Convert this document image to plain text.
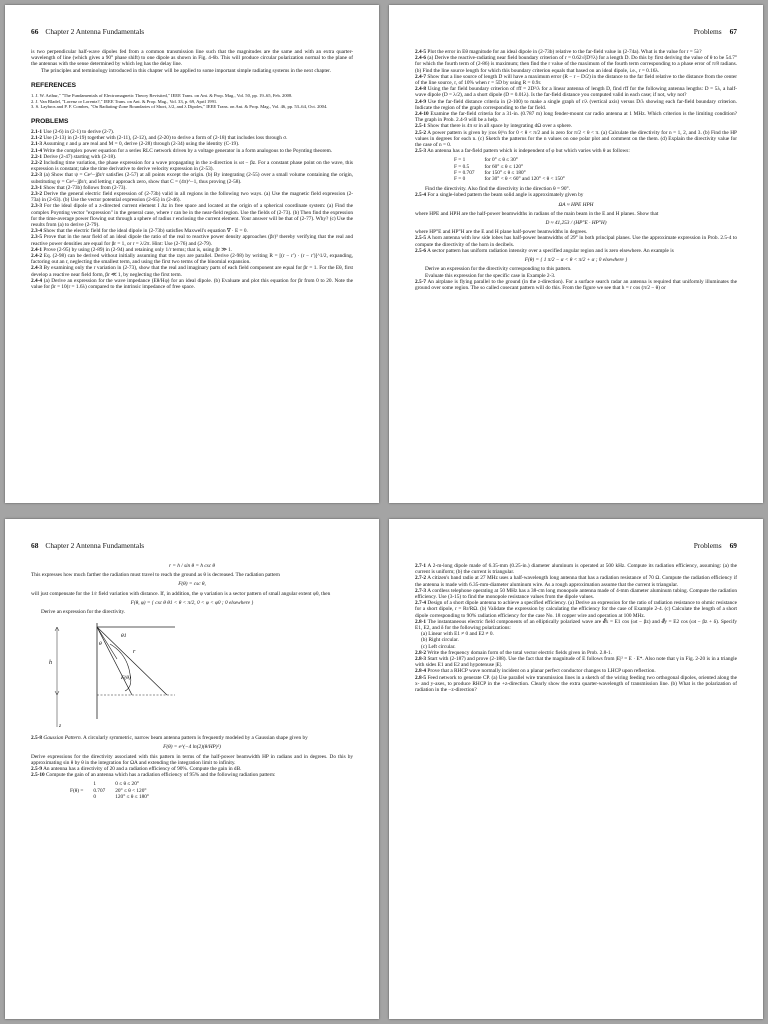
66 Chapter 2 Antenna Fundamentals

is two perpendicular half-wave dipoles fed from a common transmission line such that the magnitudes are the same and with an extra quarter-wavelength of line (which gives a 90° phase shift) to one dipole as shown in Fig. 4-6b. This will produce circular polarization normal to the plane of the antennas with the sense determined by which leg has the delay line.

The principles and terminology introduced in this chapter will be applied to some important simple radiating systems in the next chapter.

REFERENCES

1. J. W. Arthur," "The Fundamentals of Electromagnetic Theory Revisited," IEEE Trans. on Ant. & Prop. Mag., Vol. 50, pp. 19–65, Feb. 2008.

2. J. Van Bladel, "Lorenz or Lorentz?," IEEE Trans. on Ant. & Prop. Mag., Vol. 33, p. 69, April 1991.

3. S. Laybros and P. F. Combes, "On Radiating-Zone Boundaries of Short, λ/2, and λ Dipoles," IEEE Trans. on Ant. & Prop. Mag., Vol. 46, pp. 53–64, Oct. 2004.

PROBLEMS

2.1-1 Use (2-6) in (2-1) to derive (2-7).

2.1-2 Use (2-13) in (2-19) together with (2-11), (2-12), and (2-20) to derive a form of (2-18) that includes loss through σ.

2.1-3 Assuming ε and μ are real and M = 0, derive (2-28) through (2-34) using the identity (C-19).

2.1-4 Write the complex power equation for a series RLC network driven by a voltage generator in a form analogous to the Poynting theorem.

2.2-1 Derive (2-47) starting with (2-18).

2.2-2 Including time variation, the phase expression for a wave propagating in the z-direction is ωt − βz. For a constant phase point on the wave, this expression is constant; take the time derivative to derive velocity expression in (2-53).

2.2-3 (a) Show that ψ = Ce^−jβr/r satisfies (2-57) at all points except the origin. (b) By integrating (2-55) over a small volume containing the origin, substituting ψ = Ce^−jβr/r, and letting r approach zero, show that C = (4π)^−1, thus proving (2-58).

2.3-1 Show that (2-73b) follows from (2-73).

2.3-2 Derive the general electric field expression of (2-73b) valid in all regions in the following two ways. (a) Use the magnetic field expression (2-73a) in (2-63). (b) Use the vector potential expression (2-65) in (2-46).

2.3-3 For the ideal dipole of a z-directed current element I Δz in free space and located at the origin of a spherical coordinate system: (a) Find the complex Poynting vector "expression" in the general case, where r can be in the near-field region. Use the fields of (2-73). (b) Then find the expression for the time-average power flowing out through a sphere of radius r enclosing the current element. Your answer will be that of (2-77). Why? (c) Use the results from (a) to derive (2-79).

2.3-4 Show that the electric field for the ideal dipole in (2-73b) satisfies Maxwell's equation ∇ · E = 0.

2.3-5 Prove that in the near field of an ideal dipole the ratio of the real to reactive power density approaches (βr)³ thereby verifying that the real and reactive power densities are equal for βr = 1, or r = λ/2π. Hint: Use (2-76) and (2-79).

2.4-1 Prove (2-95) by using (2-89) in (2-94) and retaining only 1/r terms; that is, using βr ≫ 1.

2.4-2 Eq. (2-98) can be derived without initially assuming that the rays are parallel. Derive (2-98) by writing R = [(r − r′) · (r − r′)]^1/2, expanding, factoring out an r, neglecting the smallest term, and using the first two terms of the binomial expansion.

2.4-3 By examining only the r variation in (2-73), show that the real and imaginary parts of each field component are equal for βr = 1. For the Eθ, first develop a reactive near field form, βr ≪ 1, by neglecting the first term.

2.4-4 (a) Derive an expression for the wave impedance (Eθ/Hφ) for an ideal dipole. (b) Evaluate and plot this equation for βr from 0 to 20. Note the value for βr = 10(r = 1.6λ) compared to the intrinsic impedance of free space.

Problems 67

2.4-5 Plot the error in Eθ magnitude for an ideal dipole in (2-73b) relative to the far-field value in (2-74a). What is the value for r = 5λ?

2.4-6 (a) Derive the reactive-radiating near field boundary criterion of r = 0.62√(D³/λ) for a length D. Do this by first deriving the value of θ to be 54.7° for which the fourth term of (2-86) is maximum; then find the r value of the maximum of the fourth term corresponding to a phase error of π/8 radians. (b) Find the line source length for which this boundary criterion equals that based on an ideal dipole, i.e., r = 0.16λ.

2.4-7 Show that a line source of length D will have a maximum error (R − r − D/2) in the distance to the far field relative to the distance from the center of the line source, r, of 10% when r = 5D by using R = 0.9r.

2.4-8 Using the far field boundary criterion of rff = 2D²/λ for a linear antenna of length D, find rff for the following antenna lengths: D = 5λ, a half-wave dipole (D = λ/2), and a short dipole (D = 0.01λ). Is the far-field distance you computed valid in each case; if not, why not?

2.4-9 Use the far-field distance criteria in (2-100) to make a single graph of r/λ (vertical axis) versus D/λ showing each far-field boundary criterion. Indicate the region of the graph corresponding to the far field.

2.4-10 Examine the far-field criteria for a 31-in. (0.787 m) long fender-mount car radio antenna at 1 MHz. Which criterion is the limiting condition? The graph in Prob. 2.4-9 will be a help.

2.5-1 Show that there is 4π sr in all space by integrating dΩ over a sphere.

2.5-2 A power pattern is given by |cos θ|^n for 0 < θ < π/2 and is zero for π/2 < θ < π. (a) Calculate the directivity for n = 1, 2, and 3. (b) Find the HP values in degrees for each n. (c) Sketch the patterns for the n values on one polar plot and comment on the them. (d) Explain the directivity value for the case of n = 0.

2.5-3 An antenna has a far-field pattern which is independent of φ but which varies with θ as follows:

F = 1	for 0° ≤ θ ≤ 30°
F = 0.5	for 60° ≤ θ ≤ 120°
F = 0.707	for 150° ≤ θ ≤ 180°
F = 0	for 30° < θ < 60° and 120° < θ < 150°

Find the directivity. Also find the directivity in the direction θ = 90°.

2.5-4 For a single-lobed pattern the beam solid angle is approximately given by

ΩA ≈ HPE HPH

where HPE and HPH are the half-power beamwidths in radians of the main beam in the E and H planes. Show that

D ≈ 41,253 / (HP°E · HP°H)

where HP°E and HP°H are the E and H plane half-power beamwidths in degrees.

2.5-5 A horn antenna with low side lobes has half-power beamwidths of 29° in both principal planes. Use the approximate expression in Prob. 2.5-4 to compute the directivity of the horn in decibels.

2.5-6 A sector pattern has uniform radiation intensity over a specified angular region and is zero elsewhere. An example is

F(θ) = { 1 π/2 − α < θ < π/2 + α ; 0 elsewhere }

Derive an expression for the directivity corresponding to this pattern.

Evaluate this expression for the specific case in Example 2-3.

2.5-7 An airplane is flying parallel to the ground (in the z-direction). For a surface search radar an antenna is required that uniformly illuminates the ground over some region. The so called cosecant pattern will do this. From the figure we see that h = r cos (π/2 − θ) or

68 Chapter 2 Antenna Fundamentals
r = h / sin θ = h csc θ

This expresses how much farther the radiation must travel to reach the ground as θ is decreased. The radiation pattern

F(θ) = csc θ,

will just compensate for the 1/r field variation with distance. If, in addition, the φ variation is a sector pattern of small angular extent φ0, then

F(θ, φ) = { csc θ θ1 < θ < π/2, 0 < φ < φ0 ; 0 elsewhere }

Derive an expression for the directivity.

h
r
θ
θ1
F(θ)
z

2.5-8 Gaussian Pattern. A circularly symmetric, narrow beam antenna pattern is frequently modeled by a Gaussian shape given by

F(θ) = e^(−4 ln(2)(θ/HP)²)

Derive expressions for the directivity associated with this pattern in terms of the half-power beamwidth HP in radians and in degrees. Do this by approximating sin θ by θ in the integration for ΩA and extending the integration limit to infinity.

2.5-9 An antenna has a directivity of 20 and a radiation efficiency of 90%. Compute the gain in dB.

2.5-10 Compute the gain of an antenna which has a radiation efficiency of 95% and the following radiation pattern:

F(θ) =	1	0 ≤ θ ≤ 20°
	0.707	20° ≤ θ < 120°
	0	120° ≤ θ ≤ 180°
Problems 69

2.7-1 A 2-m-long dipole made of 6.35-mm (0.25-in.) diameter aluminum is operated at 500 kHz. Compute its radiation efficiency, assuming: (a) the current is uniform; (b) the current is triangular.

2.7-2 A citizen's band radio at 27 MHz uses a half-wavelength long antenna that has a radiation resistance of 70 Ω. Compute the radiation efficiency if the antenna is made with 6.35-mm-diameter aluminum wire. As a rough approximation assume that the current is triangular.

2.7-3 A cordless telephone operating at 50 MHz has a 38-cm long monopole antenna made of 4-mm diameter aluminum tubing. Compute the radiation efficiency. Use (3-15) to find the monopole resistance values from the dipole values.

2.7-4 Design of a short dipole antenna to achieve a specified efficiency. (a) Derive an expression for the ratio of radiation resistance to ohmic resistance for a short dipole, r = Rr/RΩ. (b) Validate the expression by calculating the efficiency for the case of Example 2-4. (c) Calculate the length of a short dipole corresponding to 90% radiation efficiency for the case No. 18 copper wire and operation at 100 MHz.

2.8-1 The instantaneous electric field components of an elliptically polarized wave are 𝓔x = E1 cos (ωt − βz) and 𝓔y = E2 cos (ωt − βz + δ). Specify E1, E2, and δ for the following polarizations:

(a) Linear with E1 ≠ 0 and E2 ≠ 0.

(b) Right circular.

(c) Left circular.

2.8-2 Write the frequency domain form of the total vector electric fields given in Prob. 2.8-1.

2.8-3 Start with (2-187) and prove (2-188). Use the fact that the magnitude of E follows from |E|² = E · E*. Also note that γ in Fig. 2-20 is in a triangle with sides E1 and E2 and hypotenuse |E|.

2.8-4 Prove that a RHCP wave normally incident on a planar perfect conductor changes to LHCP upon reflection.

2.8-5 Feed network to generate CP. (a) Use parallel wire transmission lines in a sketch of the wiring feeding two orthogonal dipoles, oriented along the x- and y-axes, to produce RHCP in the +z-direction. Clearly show the extra quarter-wavelength of transmission line. (b) What is the polarization of radiation in the −z-direction?
